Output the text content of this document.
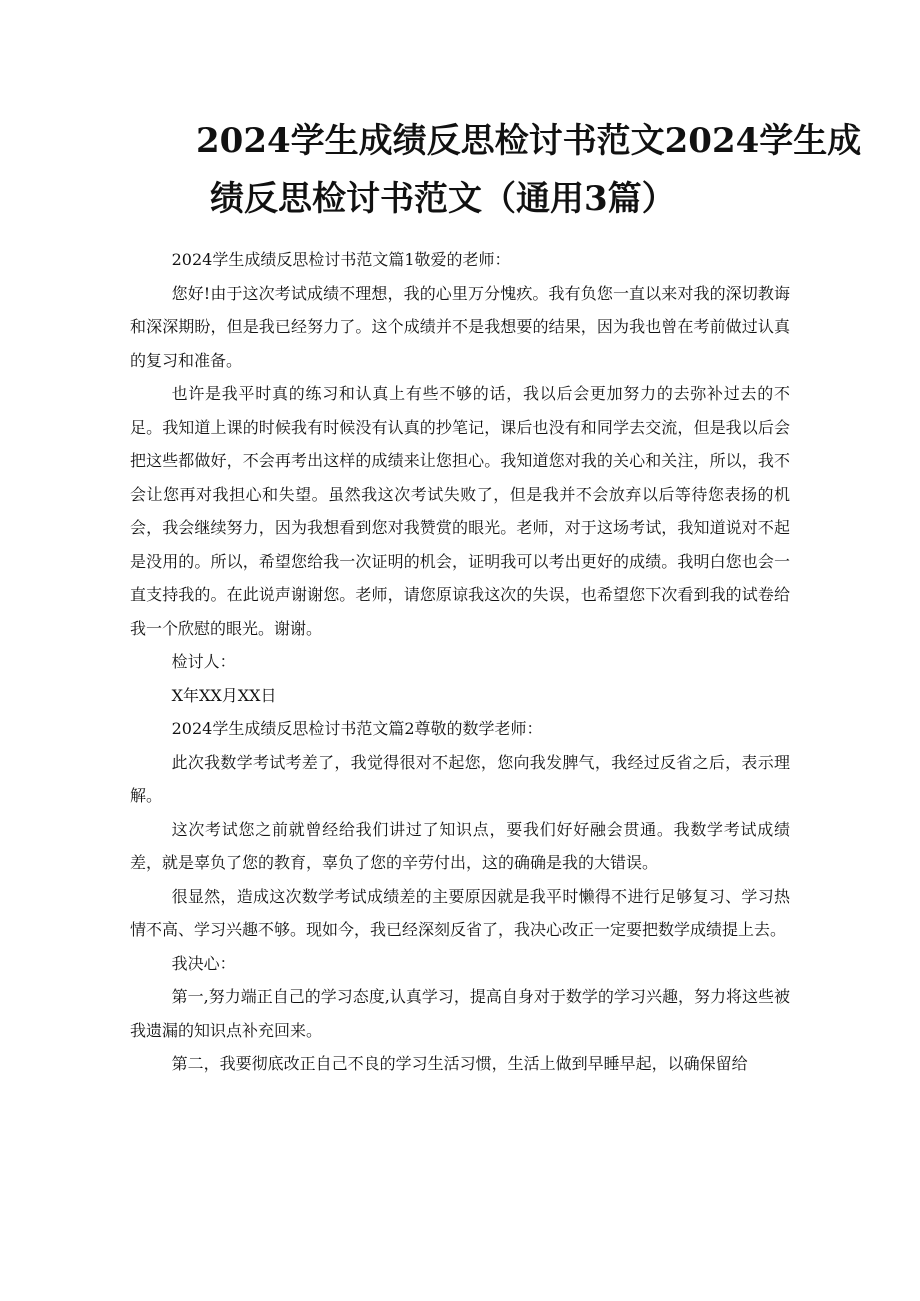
2024学生成绩反思检讨书范文2024学生成
绩反思检讨书范文（通用3篇）

2024学生成绩反思检讨书范文篇1敬爱的老师：

您好!由于这次考试成绩不理想，我的心里万分愧疚。我有负您一直以来对我的深切教诲和深深期盼，但是我已经努力了。这个成绩并不是我想要的结果，因为我也曾在考前做过认真的复习和准备。

也许是我平时真的练习和认真上有些不够的话，我以后会更加努力的去弥补过去的不足。我知道上课的时候我有时候没有认真的抄笔记，课后也没有和同学去交流，但是我以后会把这些都做好，不会再考出这样的成绩来让您担心。我知道您对我的关心和关注，所以，我不会让您再对我担心和失望。虽然我这次考试失败了，但是我并不会放弃以后等待您表扬的机会，我会继续努力，因为我想看到您对我赞赏的眼光。老师，对于这场考试，我知道说对不起是没用的。所以，希望您给我一次证明的机会，证明我可以考出更好的成绩。我明白您也会一直支持我的。在此说声谢谢您。老师，请您原谅我这次的失误，也希望您下次看到我的试卷给我一个欣慰的眼光。谢谢。

检讨人：

X年XX月XX日

2024学生成绩反思检讨书范文篇2尊敬的数学老师：

此次我数学考试考差了，我觉得很对不起您，您向我发脾气，我经过反省之后，表示理解。

这次考试您之前就曾经给我们讲过了知识点，要我们好好融会贯通。我数学考试成绩差，就是辜负了您的教育，辜负了您的辛劳付出，这的确确是我的大错误。

很显然，造成这次数学考试成绩差的主要原因就是我平时懒得不进行足够复习、学习热情不高、学习兴趣不够。现如今，我已经深刻反省了，我决心改正一定要把数学成绩提上去。

我决心：

第一,努力端正自己的学习态度,认真学习，提高自身对于数学的学习兴趣，努力将这些被我遗漏的知识点补充回来。

第二，我要彻底改正自己不良的学习生活习惯，生活上做到早睡早起，以确保留给
